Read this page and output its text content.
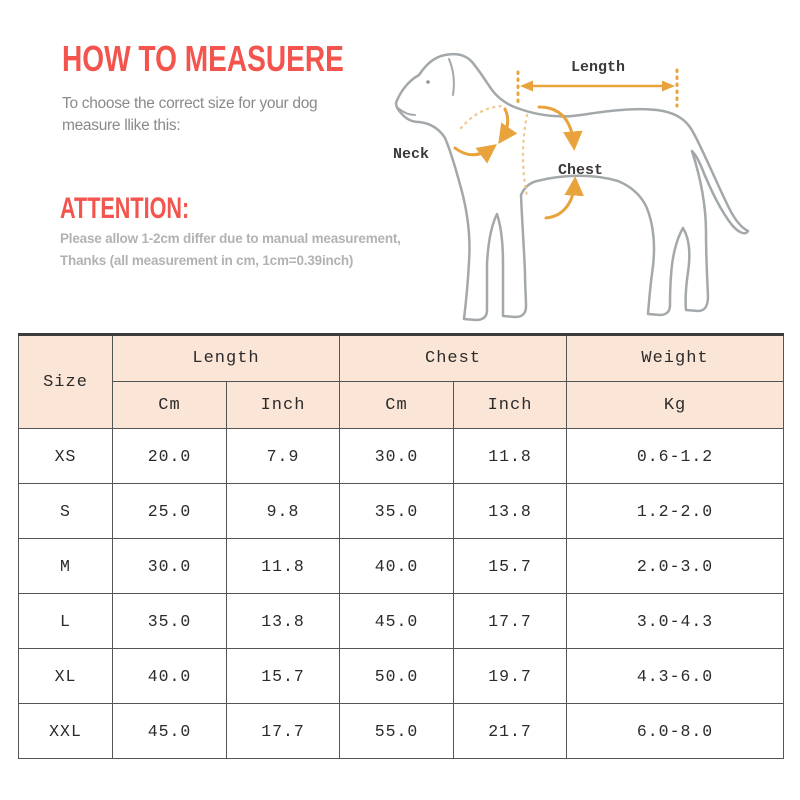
HOW TO MEASUERE

To choose the correct size for your dog
measure llike this:

ATTENTION:

Please allow 1-2cm differ due to manual measurement,
Thanks (all measurement in cm, 1cm=0.39inch)

Length
Neck
Chest
Size	Length		Chest		Weight
	Cm	Inch	Cm	Inch	Kg
XS	20.0	7.9	30.0	11.8	0.6-1.2
S	25.0	9.8	35.0	13.8	1.2-2.0
M	30.0	11.8	40.0	15.7	2.0-3.0
L	35.0	13.8	45.0	17.7	3.0-4.3
XL	40.0	15.7	50.0	19.7	4.3-6.0
XXL	45.0	17.7	55.0	21.7	6.0-8.0
